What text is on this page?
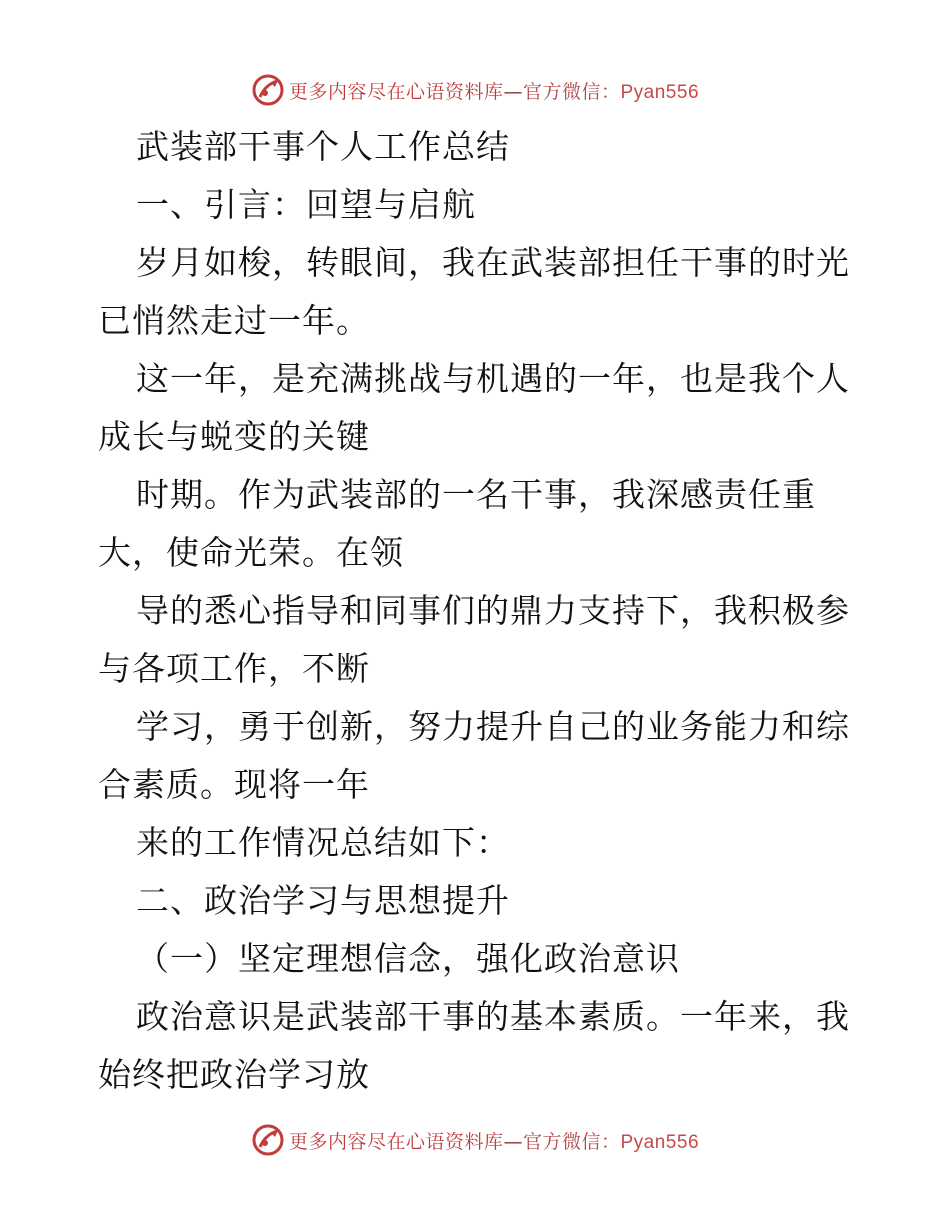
更多内容尽在心语资料库—官方微信：Pyan556

武装部干事个人工作总结

一、引言：回望与启航

岁月如梭，转眼间，我在武装部担任干事的时光

已悄然走过一年。

这一年，是充满挑战与机遇的一年，也是我个人

成长与蜕变的关键

时期。作为武装部的一名干事，我深感责任重

大，使命光荣。在领

导的悉心指导和同事们的鼎力支持下，我积极参

与各项工作，不断

学习，勇于创新，努力提升自己的业务能力和综

合素质。现将一年

来的工作情况总结如下：

二、政治学习与思想提升

（一）坚定理想信念，强化政治意识

政治意识是武装部干事的基本素质。一年来，我

始终把政治学习放

更多内容尽在心语资料库—官方微信：Pyan556
